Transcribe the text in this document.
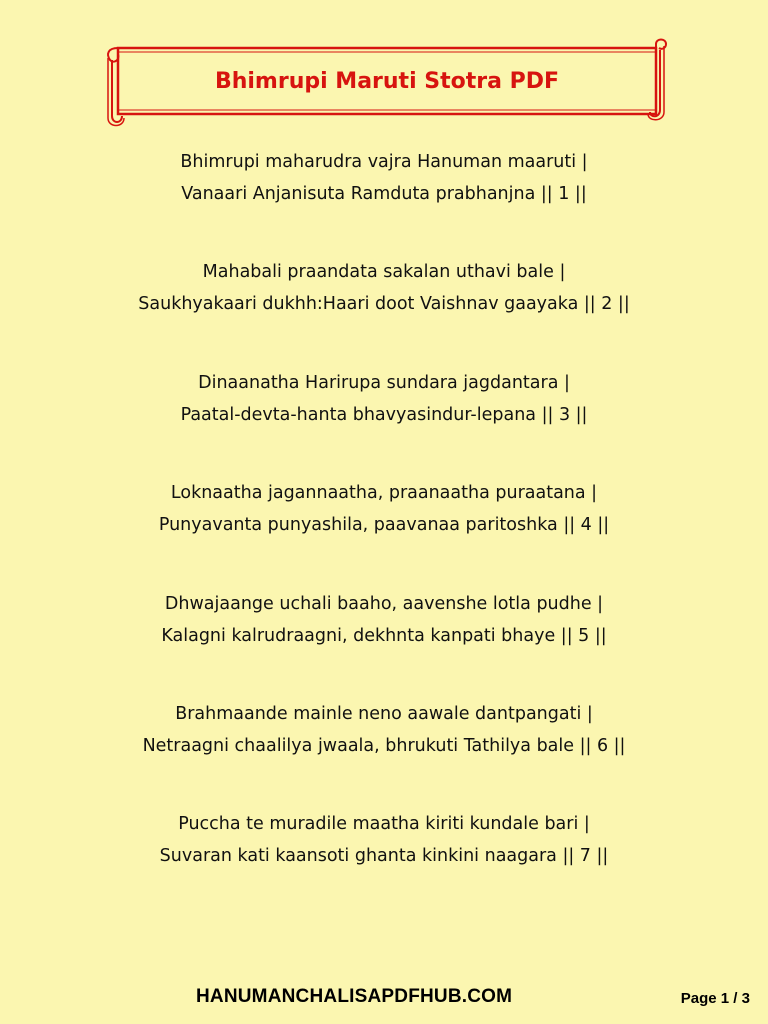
Bhimrupi Maruti Stotra PDF
Bhimrupi maharudra vajra Hanuman maaruti |
Vanaari Anjanisuta Ramduta prabhanjna || 1 ||
Mahabali praandata sakalan uthavi bale |
Saukhyakaari dukhh:Haari doot Vaishnav gaayaka || 2 ||
Dinaanatha Harirupa sundara jagdantara |
Paatal-devta-hanta bhavyasindur-lepana || 3 ||
Loknaatha jagannaatha, praanaatha puraatana |
Punyavanta punyashila, paavanaa paritoshka || 4 ||
Dhwajaange uchali baaho, aavenshe lotla pudhe |
Kalagni kalrudraagni, dekhnta kanpati bhaye || 5 ||
Brahmaande mainle neno aawale dantpangati |
Netraagni chaalilya jwaala, bhrukuti Tathilya bale || 6 ||
Puccha te muradile maatha kiriti kundale bari |
Suvaran kati kaansoti ghanta kinkini naagara || 7 ||
HANUMANCHALISAPDFHUB.COM	Page 1 / 3
